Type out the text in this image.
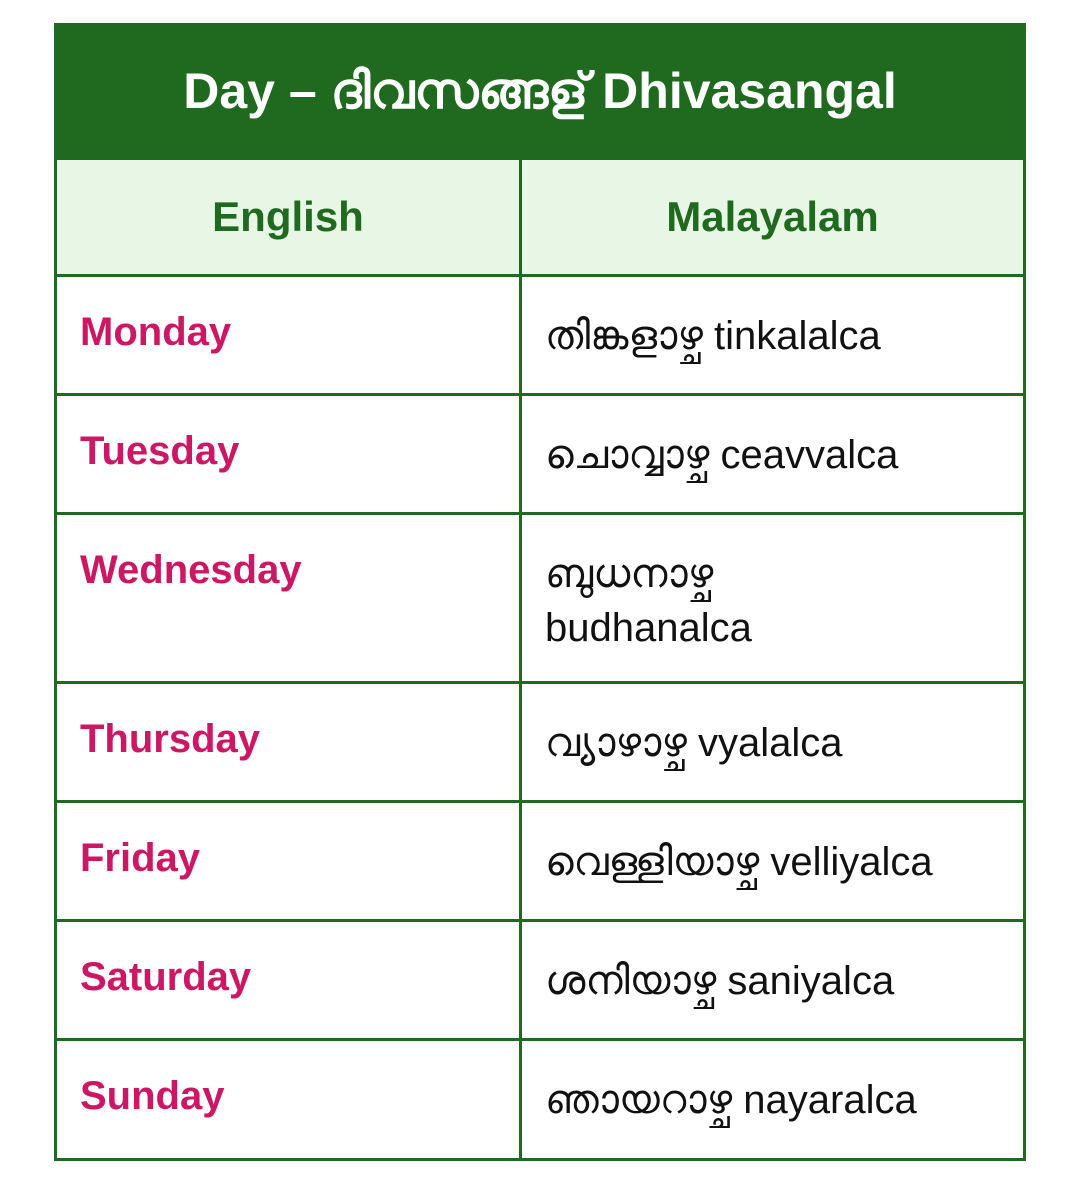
Day – ദിവസങ്ങള് Dhivasangal
English	Malayalam
Monday	തിങ്കളാഴ്ച tinkalalca
Tuesday	ചൊവ്വാഴ്ച ceavvalca
Wednesday	ബുധനാഴ്ച budhanalca
Thursday	വ്യാഴാഴ്ച vyalalca
Friday	വെള്ളിയാഴ്ച velliyalca
Saturday	ശനിയാഴ്ച saniyalca
Sunday	ഞായറാഴ്ച nayaralca
